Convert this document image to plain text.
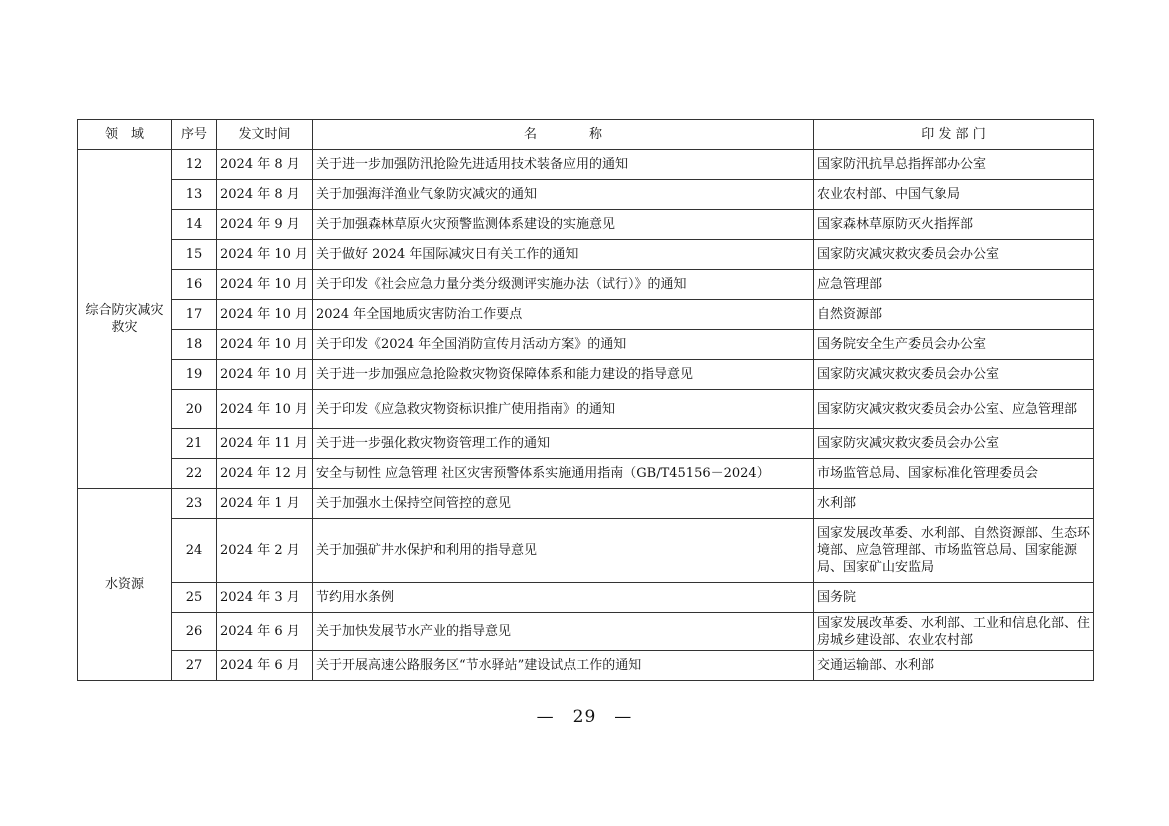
领　域	序号	发文时间	名　　　　称	印 发 部 门
综合防灾减灾救灾	12	2024 年 8 月	关于进一步加强防汛抢险先进适用技术装备应用的通知	国家防汛抗旱总指挥部办公室
	13	2024 年 8 月	关于加强海洋渔业气象防灾减灾的通知	农业农村部、中国气象局
	14	2024 年 9 月	关于加强森林草原火灾预警监测体系建设的实施意见	国家森林草原防灭火指挥部
	15	2024 年 10 月	关于做好 2024 年国际减灾日有关工作的通知	国家防灾减灾救灾委员会办公室
	16	2024 年 10 月	关于印发《社会应急力量分类分级测评实施办法（试行）》的通知	应急管理部
	17	2024 年 10 月	2024 年全国地质灾害防治工作要点	自然资源部
	18	2024 年 10 月	关于印发《2024 年全国消防宣传月活动方案》的通知	国务院安全生产委员会办公室
	19	2024 年 10 月	关于进一步加强应急抢险救灾物资保障体系和能力建设的指导意见	国家防灾减灾救灾委员会办公室
	20	2024 年 10 月	关于印发《应急救灾物资标识推广使用指南》的通知	国家防灾减灾救灾委员会办公室、应急管理部
	21	2024 年 11 月	关于进一步强化救灾物资管理工作的通知	国家防灾减灾救灾委员会办公室
	22	2024 年 12 月	安全与韧性 应急管理 社区灾害预警体系实施通用指南（GB/T45156－2024）	市场监管总局、国家标准化管理委员会
水资源	23	2024 年 1 月	关于加强水土保持空间管控的意见	水利部
	24	2024 年 2 月	关于加强矿井水保护和利用的指导意见	国家发展改革委、水利部、自然资源部、生态环境部、应急管理部、市场监管总局、国家能源局、国家矿山安监局
	25	2024 年 3 月	节约用水条例	国务院
	26	2024 年 6 月	关于加快发展节水产业的指导意见	国家发展改革委、水利部、工业和信息化部、住房城乡建设部、农业农村部
	27	2024 年 6 月	关于开展高速公路服务区“节水驿站”建设试点工作的通知	交通运输部、水利部
—　29　—
